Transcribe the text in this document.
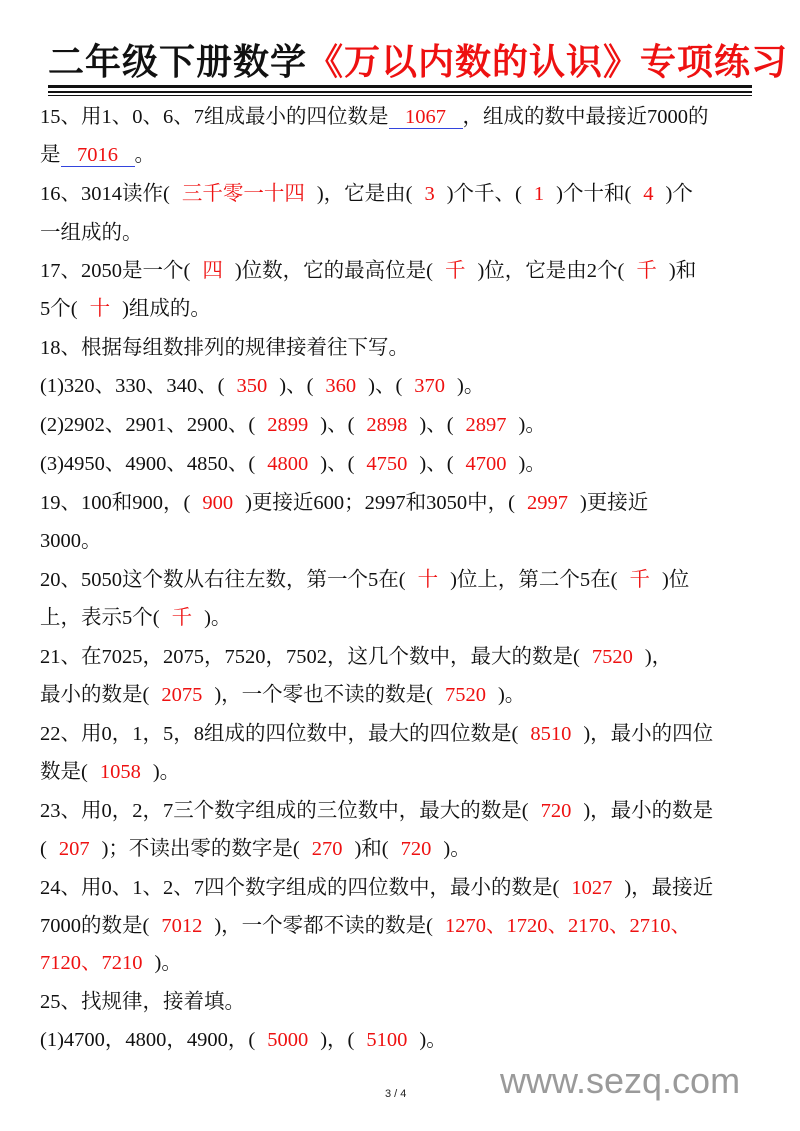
二年级下册数学《万以内数的认识》专项练习
15、用1、0、6、7组成最小的四位数是 1067 ，组成的数中最接近7000的
是 7016 。
16、3014读作( 三千零一十四 )，它是由( 3 )个千、( 1 )个十和( 4 )个
一组成的。
17、2050是一个( 四 )位数，它的最高位是( 千 )位，它是由2个( 千 )和
5个( 十 )组成的。
18、根据每组数排列的规律接着往下写。
(1)320、330、340、( 350 )、( 360 )、( 370 )。
(2)2902、2901、2900、( 2899 )、( 2898 )、( 2897 )。
(3)4950、4900、4850、( 4800 )、( 4750 )、( 4700 )。
19、100和900，( 900 )更接近600；2997和3050中，( 2997 )更接近
3000。
20、5050这个数从右往左数，第一个5在( 十 )位上，第二个5在( 千 )位
上，表示5个( 千 )。
21、在7025，2075，7520，7502，这几个数中，最大的数是( 7520 )，
最小的数是( 2075 )，一个零也不读的数是( 7520 )。
22、用0，1，5，8组成的四位数中，最大的四位数是( 8510 )，最小的四位
数是( 1058 )。
23、用0，2，7三个数字组成的三位数中，最大的数是( 720 )，最小的数是
( 207 )；不读出零的数字是( 270 )和( 720 )。
24、用0、1、2、7四个数字组成的四位数中，最小的数是( 1027 )，最接近
7000的数是( 7012 )，一个零都不读的数是( 1270、1720、2170、2710、
7120、7210 )。
25、找规律，接着填。
(1)4700，4800，4900，( 5000 )，( 5100 )。
3 / 4	www.sezq.com
